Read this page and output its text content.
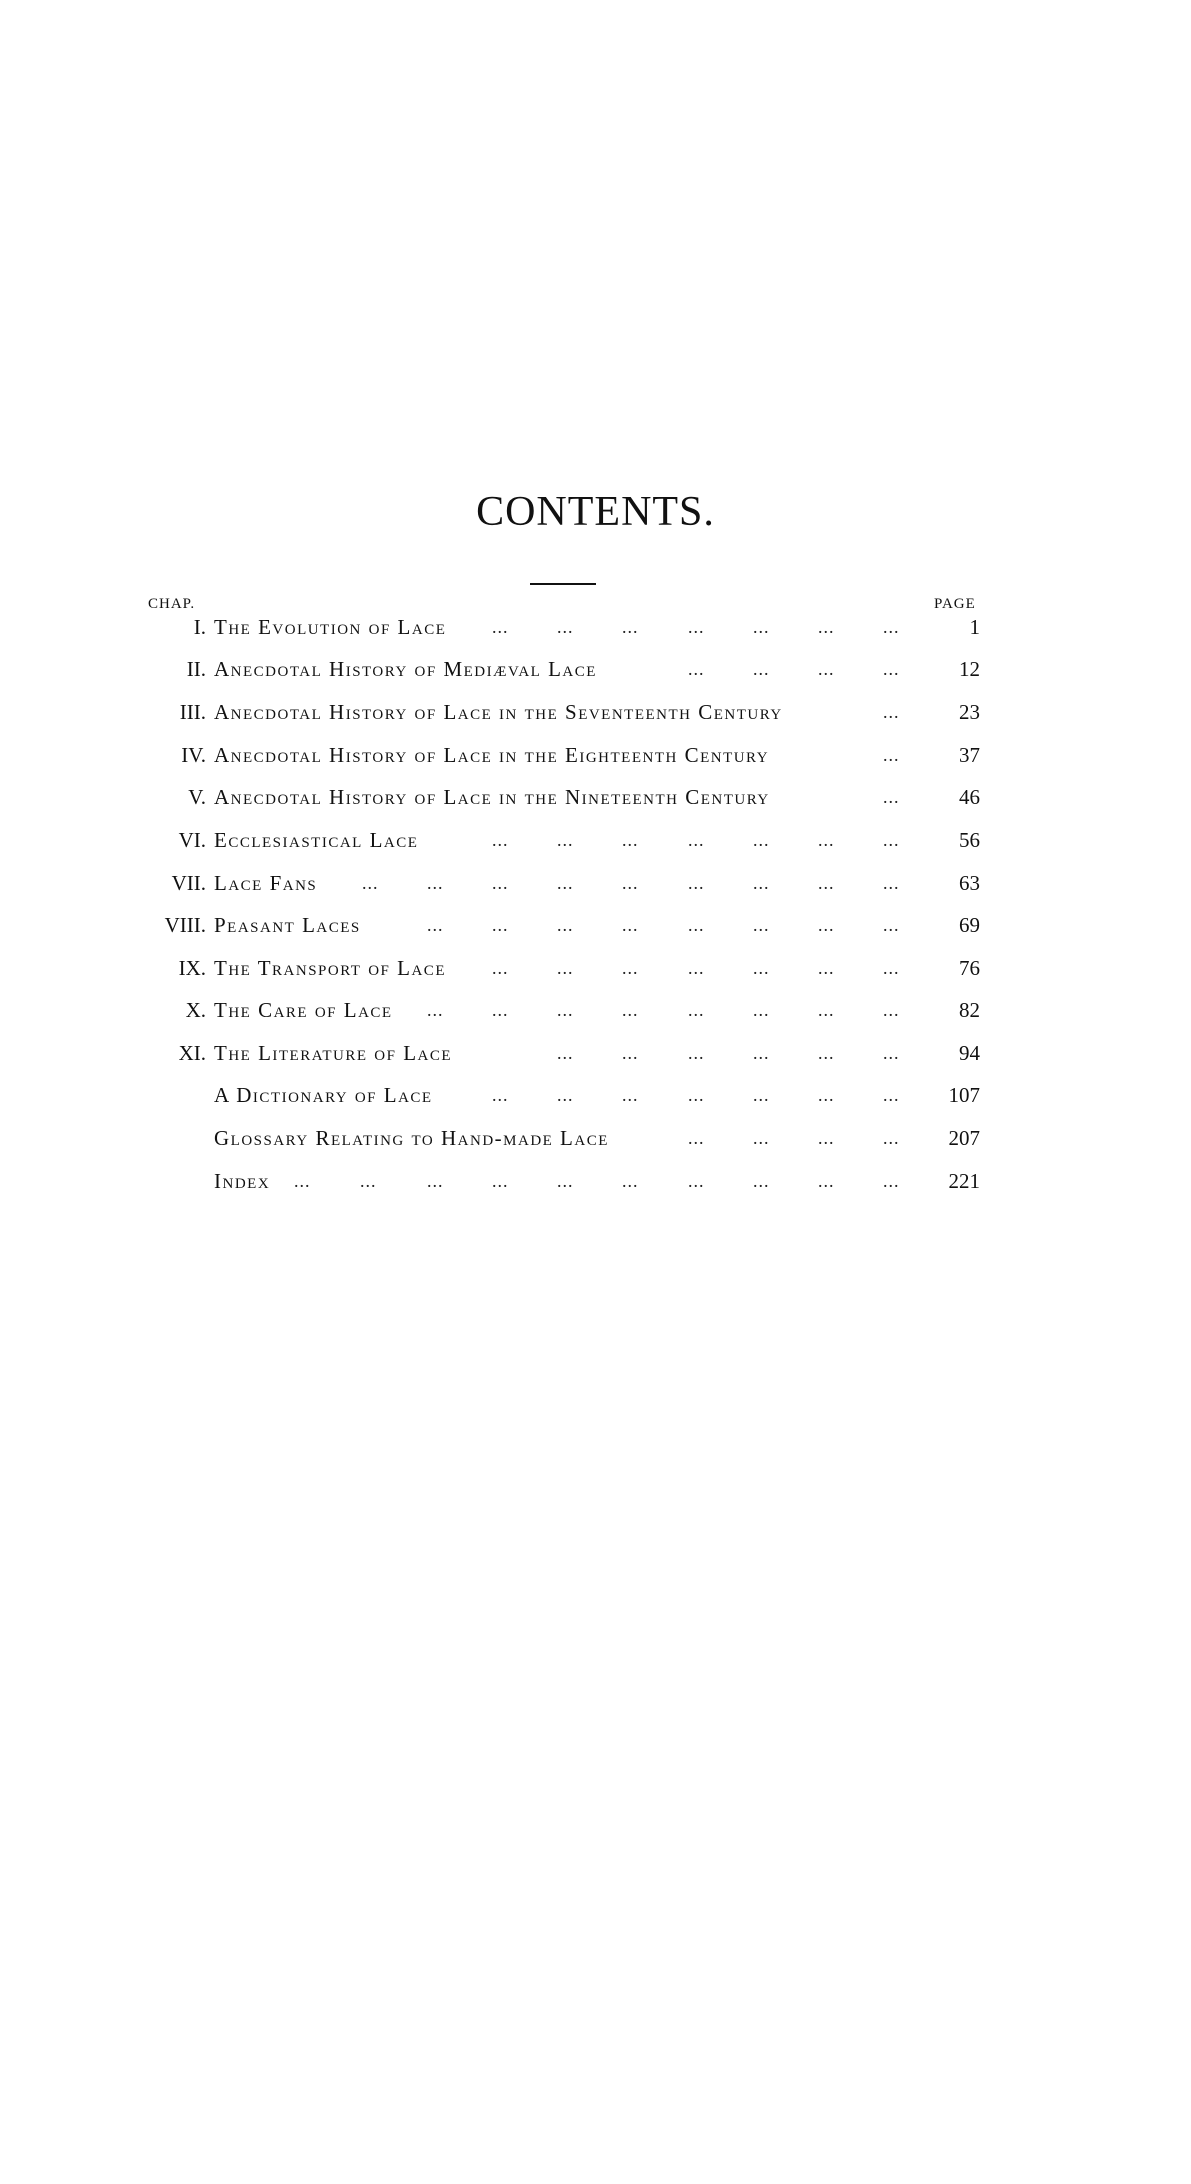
CONTENTS.
CHAP.	PAGE
I. The Evolution of Lace	...	...	...	...	...	...	...	1
II. Anecdotal History of Mediæval Lace	...	...	...	...	12
III. Anecdotal History of Lace in the Seventeenth Century	...	23
IV. Anecdotal History of Lace in the Eighteenth Century	...	37
V. Anecdotal History of Lace in the Nineteenth Century	...	46
VI. Ecclesiastical Lace	...	...	...	...	...	...	...	56
VII. Lace Fans ...	...	...	...	...	...	...	...	...	63
VIII. Peasant Laces	...	...	...	...	...	...	...	...	69
IX. The Transport of Lace	...	...	...	...	...	...	...	76
X. The Care of Lace ...	...	...	...	...	...	...	...	82
XI. The Literature of Lace	...	...	...	...	...	...	94
A Dictionary of Lace	...	...	...	...	...	...	...	107
Glossary Relating to Hand-made Lace	...	...	...	...	207
Index ...	...	...	...	...	...	...	...	...	...	221
